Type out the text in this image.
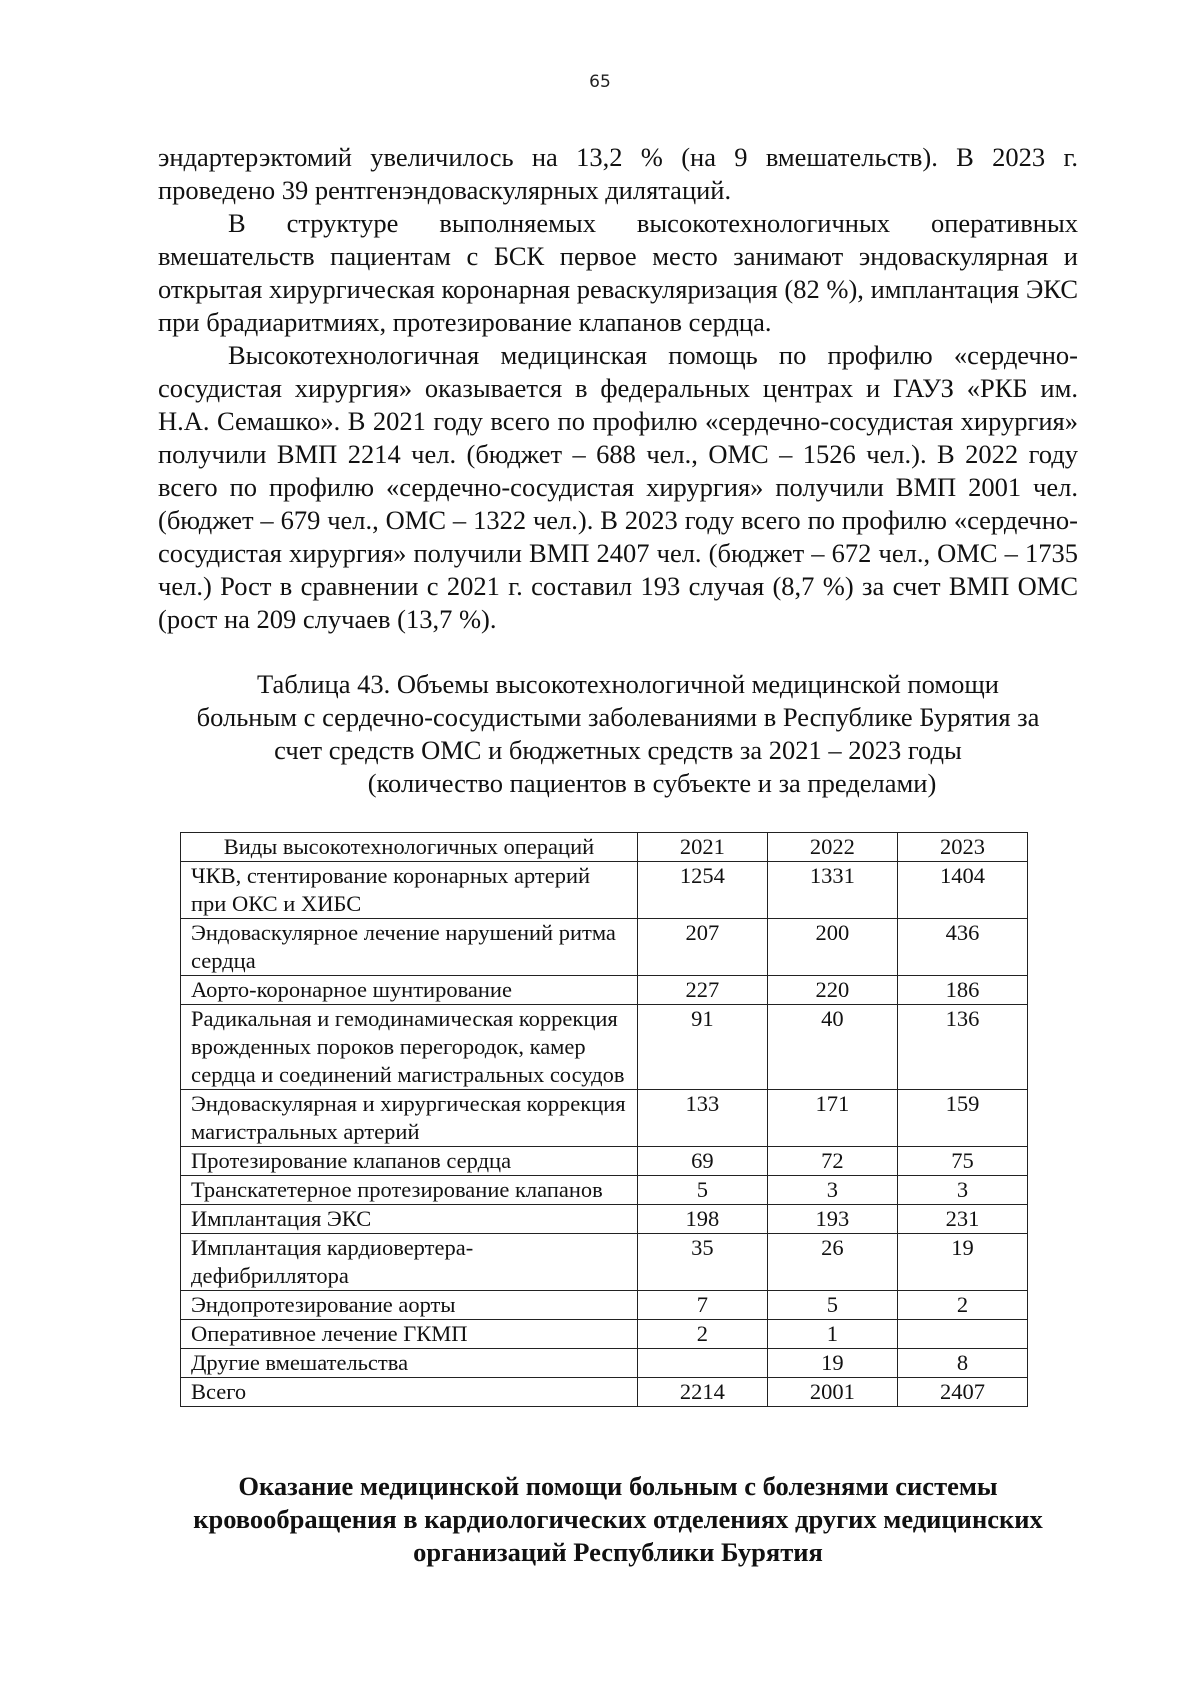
65

эндартерэктомий увеличилось на 13,2 % (на 9 вмешательств). В 2023 г. проведено 39 рентгенэндоваскулярных дилятаций.

В структуре выполняемых высокотехнологичных оперативных вмешательств пациентам с БСК первое место занимают эндоваскулярная и открытая хирургическая коронарная реваскуляризация (82 %), имплантация ЭКС при брадиаритмиях, протезирование клапанов сердца.

Высокотехнологичная медицинская помощь по профилю «сердечно-сосудистая хирургия» оказывается в федеральных центрах и ГАУЗ «РКБ им. Н.А. Семашко». В 2021 году всего по профилю «сердечно-сосудистая хирургия» получили ВМП 2214 чел. (бюджет – 688 чел., ОМС – 1526 чел.). В 2022 году всего по профилю «сердечно-сосудистая хирургия» получили ВМП 2001 чел. (бюджет – 679 чел., ОМС – 1322 чел.). В 2023 году всего по профилю «сердечно-сосудистая хирургия» получили ВМП 2407 чел. (бюджет – 672 чел., ОМС – 1735 чел.) Рост в сравнении с 2021 г. составил 193 случая (8,7 %) за счет ВМП ОМС (рост на 209 случаев (13,7 %).

Таблица 43. Объемы высокотехнологичной медицинской помощи
больным с сердечно-сосудистыми заболеваниями в Республике Бурятия за
счет средств ОМС и бюджетных средств за 2021 – 2023 годы
(количество пациентов в субъекте и за пределами)
Виды высокотехнологичных операций	2021	2022	2023
ЧКВ, стентирование коронарных артерий при ОКС и ХИБС	1254	1331	1404
Эндоваскулярное лечение нарушений ритма сердца	207	200	436
Аорто-коронарное шунтирование	227	220	186
Радикальная и гемодинамическая коррекция врожденных пороков перегородок, камер сердца и соединений магистральных сосудов	91	40	136
Эндоваскулярная и хирургическая коррекция магистральных артерий	133	171	159
Протезирование клапанов сердца	69	72	75
Транскатетерное протезирование клапанов	5	3	3
Имплантация ЭКС	198	193	231
Имплантация кардиовертера-дефибриллятора	35	26	19
Эндопротезирование аорты	7	5	2
Оперативное лечение ГКМП	2	1	
Другие вмешательства		19	8
Всего	2214	2001	2407
Оказание медицинской помощи больным с болезнями системы
кровообращения в кардиологических отделениях других медицинских
организаций Республики Бурятия
